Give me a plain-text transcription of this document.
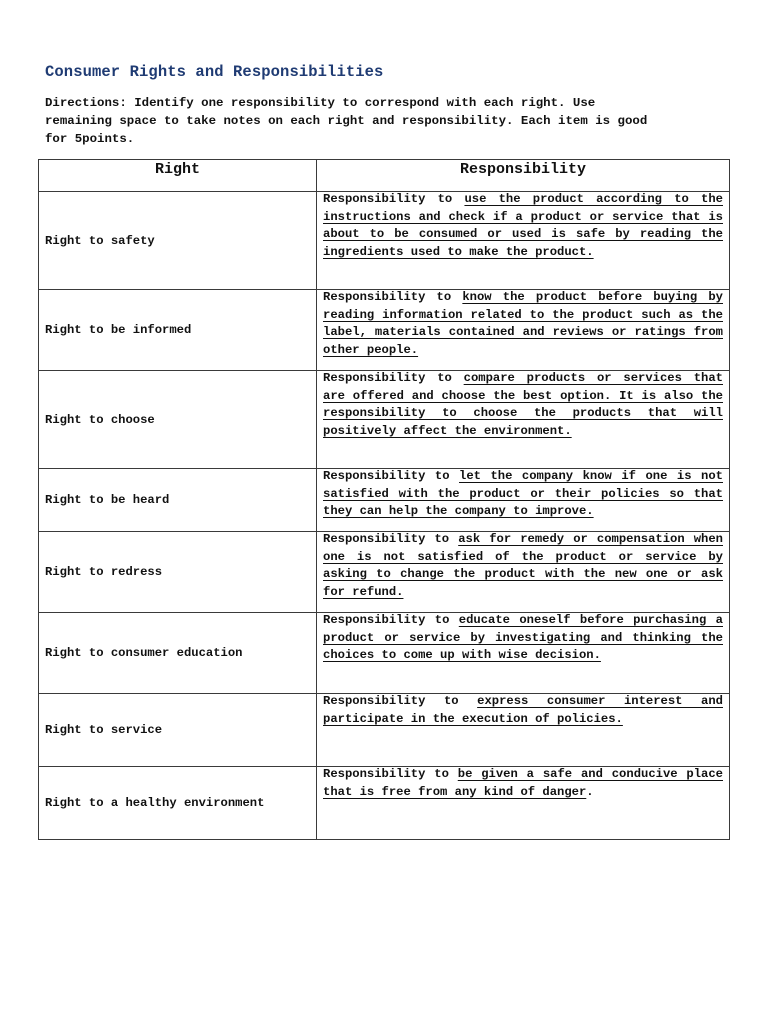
Consumer Rights and Responsibilities
Directions: Identify one responsibility to correspond with each right. Use
remaining space to take notes on each right and responsibility. Each item is good
for 5points.
Right	Responsibility
Right to safety	Responsibility to use the product according to the instructions and check if a product or service that is about to be consumed or used is safe by reading the ingredients used to make the product.

Right to be informed	Responsibility to know the product before buying by reading information related to the product such as the label, materials contained and reviews or ratings from other people.

Right to choose	Responsibility to compare products or services that are offered and choose the best option. It is also the responsibility to choose the products that will positively affect the environment.

Right to be heard	Responsibility to let the company know if one is not satisfied with the product or their policies so that they can help the company to improve.

Right to redress	Responsibility to ask for remedy or compensation when one is not satisfied of the product or service by asking to change the product with the new one or ask for refund.

Right to consumer education	Responsibility to educate oneself before purchasing a product or service by investigating and thinking the choices to come up with wise decision.

Right to service	Responsibility to express consumer interest and participate in the execution of policies.

Right to a healthy environment	Responsibility to be given a safe and conducive place that is free from any kind of danger.
